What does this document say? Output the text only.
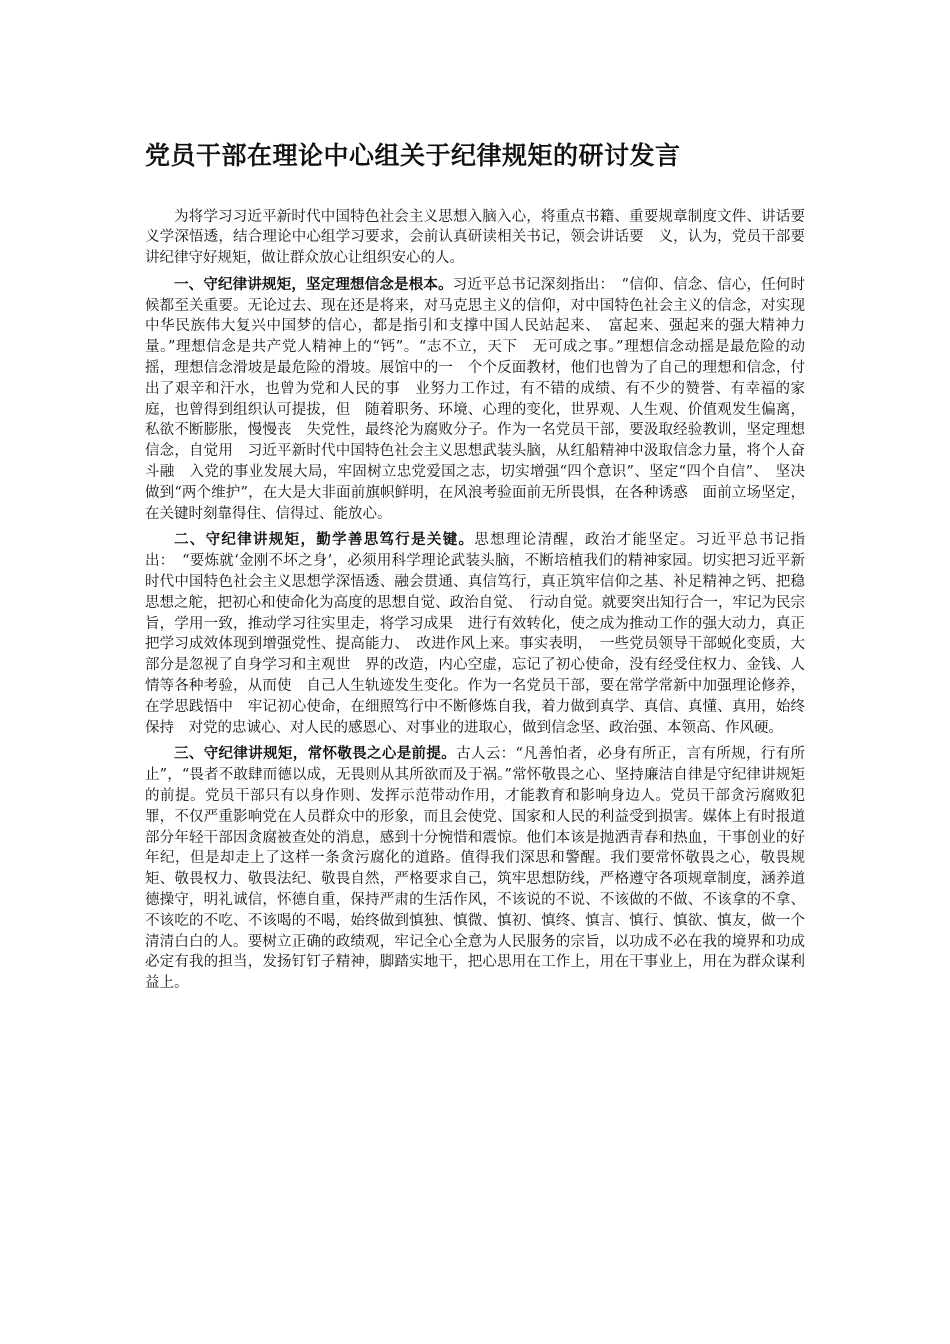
党员干部在理论中心组关于纪律规矩的研讨发言

为将学习习近平新时代中国特色社会主义思想入脑入心，将重点书籍、重要规章制度文件、讲话要义学深悟透，结合理论中心组学习要求，会前认真研读相关书记，领会讲话要　义，认为，党员干部要讲纪律守好规矩，做让群众放心让组织安心的人。

一、守纪律讲规矩，坚定理想信念是根本。习近平总书记深刻指出：　“信仰、信念、信心，任何时候都至关重要。无论过去、现在还是将来，对马克思主义的信仰，对中国特色社会主义的信念，对实现中华民族伟大复兴中国梦的信心，都是指引和支撑中国人民站起来、　富起来、强起来的强大精神力量。”理想信念是共产党人精神上的“钙”。“志不立，天下　无可成之事。”理想信念动摇是最危险的动摇，理想信念滑坡是最危险的滑坡。展馆中的一　个个反面教材，他们也曾为了自己的理想和信念，付出了艰辛和汗水，也曾为党和人民的事　业努力工作过，有不错的成绩、有不少的赞誉、有幸福的家庭，也曾得到组织认可提拔，但　随着职务、环境、心理的变化，世界观、人生观、价值观发生偏离，私欲不断膨胀，慢慢丧　失党性，最终沦为腐败分子。作为一名党员干部，要汲取经验教训，坚定理想信念，自觉用　习近平新时代中国特色社会主义思想武装头脑，从红船精神中汲取信念力量，将个人奋斗融　入党的事业发展大局，牢固树立忠党爱国之志，切实增强“四个意识”、坚定“四个自信”、　坚决做到“两个维护”，在大是大非面前旗帜鲜明，在风浪考验面前无所畏惧，在各种诱惑　面前立场坚定，在关键时刻靠得住、信得过、能放心。

二、守纪律讲规矩，勤学善思笃行是关键。思想理论清醒，政治才能坚定。习近平总书记指出：　“要炼就‘金刚不坏之身’，必须用科学理论武装头脑，不断培植我们的精神家园。切实把习近平新时代中国特色社会主义思想学深悟透、融会贯通、真信笃行，真正筑牢信仰之基、补足精神之钙、把稳思想之舵，把初心和使命化为高度的思想自觉、政治自觉、　行动自觉。就要突出知行合一，牢记为民宗旨，学用一致，推动学习往实里走，将学习成果　进行有效转化，使之成为推动工作的强大动力，真正把学习成效体现到增强党性、提高能力、　改进作风上来。事实表明，　一些党员领导干部蜕化变质，大部分是忽视了自身学习和主观世　界的改造，内心空虚，忘记了初心使命，没有经受住权力、金钱、人情等各种考验，从而使　自己人生轨迹发生变化。作为一名党员干部，要在常学常新中加强理论修养，在学思践悟中　牢记初心使命，在细照笃行中不断修炼自我，着力做到真学、真信、真懂、真用，始终保持　对党的忠诚心、对人民的感恩心、对事业的进取心，做到信念坚、政治强、本领高、作风硬。

三、守纪律讲规矩，常怀敬畏之心是前提。古人云：“凡善怕者，必身有所正，言有所规，行有所止”，“畏者不敢肆而德以成，无畏则从其所欲而及于祸。”常怀敬畏之心、坚持廉洁自律是守纪律讲规矩的前提。党员干部只有以身作则、发挥示范带动作用，才能教育和影响身边人。党员干部贪污腐败犯罪，不仅严重影响党在人员群众中的形象，而且会使党、国家和人民的利益受到损害。媒体上有时报道部分年轻干部因贪腐被查处的消息，感到十分惋惜和震惊。他们本该是抛洒青春和热血，干事创业的好年纪，但是却走上了这样一条贪污腐化的道路。值得我们深思和警醒。我们要常怀敬畏之心，敬畏规矩、敬畏权力、敬畏法纪、敬畏自然，严格要求自己，筑牢思想防线，严格遵守各项规章制度，涵养道德操守，明礼诚信，怀德自重，保持严肃的生活作风，不该说的不说、不该做的不做、不该拿的不拿、不该吃的不吃、不该喝的不喝，始终做到慎独、慎微、慎初、慎终、慎言、慎行、慎欲、慎友，做一个清清白白的人。要树立正确的政绩观，牢记全心全意为人民服务的宗旨，以功成不必在我的境界和功成必定有我的担当，发扬钉钉子精神，脚踏实地干，把心思用在工作上，用在干事业上，用在为群众谋利益上。
